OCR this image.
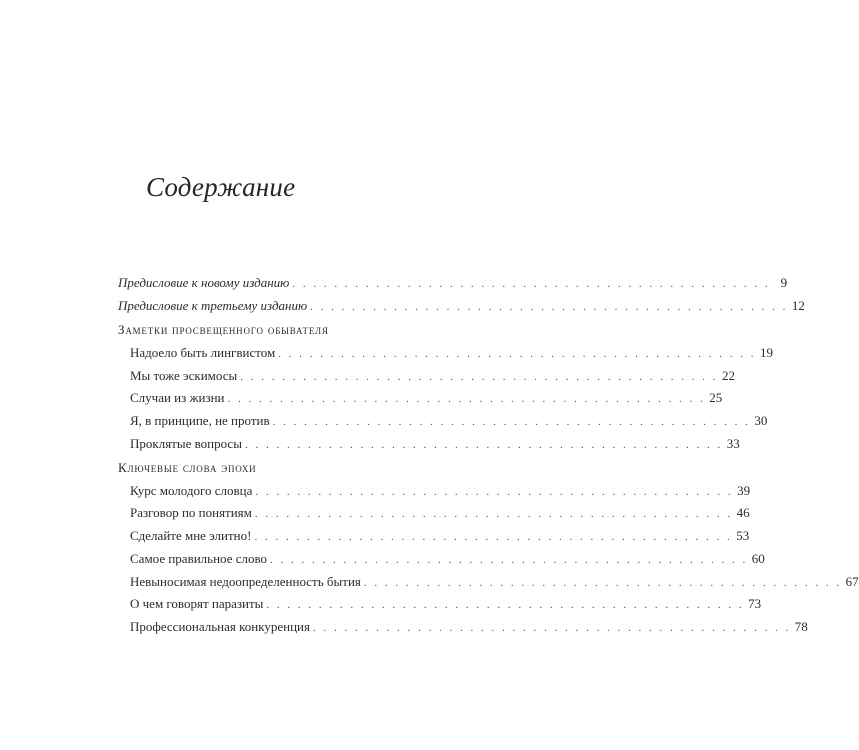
Содержание
Предисловие к новому изданию . . . . . . . . . . . . . . . . . . . . . . . . . . . . . . . . . . . . . . . . . . . . . . 9
Предисловие к третьему изданию . . . . . . . . . . . . . . . . . . . . . . . . . . . . . . . . . . . . . . . . . . . . . . 12
Заметки просвещенного обывателя
Надоело быть лингвистом . . . . . . . . . . . . . . . . . . . . . . . . . . . . . . . . . . . . . . . . . . . . . . 19
Мы тоже эскимосы . . . . . . . . . . . . . . . . . . . . . . . . . . . . . . . . . . . . . . . . . . . . . . 22
Случаи из жизни . . . . . . . . . . . . . . . . . . . . . . . . . . . . . . . . . . . . . . . . . . . . . . 25
Я, в принципе, не против . . . . . . . . . . . . . . . . . . . . . . . . . . . . . . . . . . . . . . . . . . . . . . 30
Проклятые вопросы . . . . . . . . . . . . . . . . . . . . . . . . . . . . . . . . . . . . . . . . . . . . . . 33
Ключевые слова эпохи
Курс молодого словца . . . . . . . . . . . . . . . . . . . . . . . . . . . . . . . . . . . . . . . . . . . . . . 39
Разговор по понятиям . . . . . . . . . . . . . . . . . . . . . . . . . . . . . . . . . . . . . . . . . . . . . . 46
Сделайте мне элитно! . . . . . . . . . . . . . . . . . . . . . . . . . . . . . . . . . . . . . . . . . . . . . . 53
Самое правильное слово . . . . . . . . . . . . . . . . . . . . . . . . . . . . . . . . . . . . . . . . . . . . . . 60
Невыносимая недоопределенность бытия . . . . . . . . . . . . . . . . . . . . . . . . . . . . . . . . . . . . . . . . . . . . . . 67
О чем говорят паразиты . . . . . . . . . . . . . . . . . . . . . . . . . . . . . . . . . . . . . . . . . . . . . . 73
Профессиональная конкуренция . . . . . . . . . . . . . . . . . . . . . . . . . . . . . . . . . . . . . . . . . . . . . . 78
